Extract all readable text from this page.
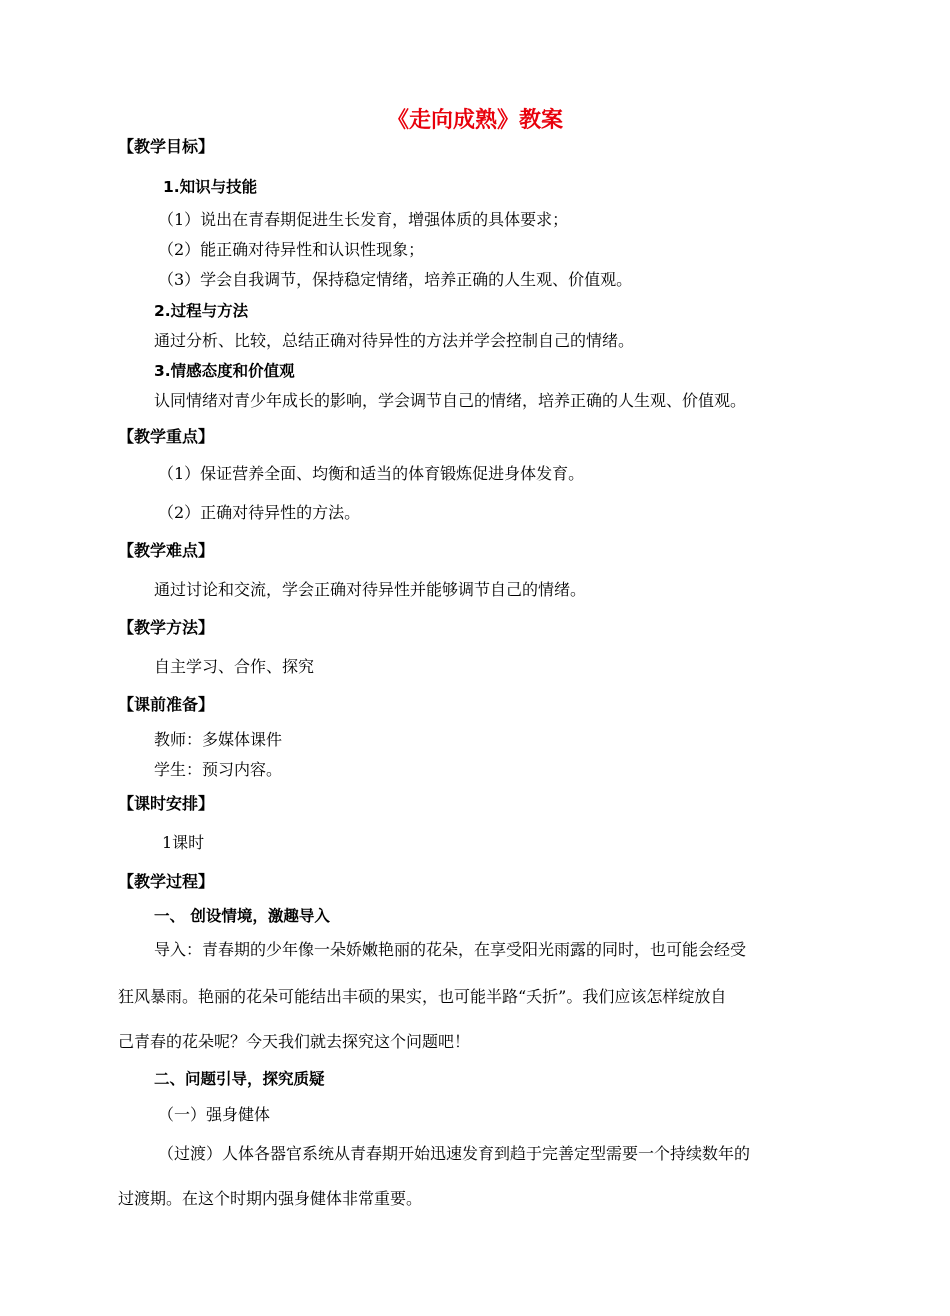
《走向成熟》教案
【教学目标】
1.知识与技能
（1）说出在青春期促进生长发育，增强体质的具体要求；
（2）能正确对待异性和认识性现象；
（3）学会自我调节，保持稳定情绪，培养正确的人生观、价值观。
2.过程与方法
通过分析、比较，总结正确对待异性的方法并学会控制自己的情绪。
3.情感态度和价值观
认同情绪对青少年成长的影响，学会调节自己的情绪，培养正确的人生观、价值观。
【教学重点】
（1）保证营养全面、均衡和适当的体育锻炼促进身体发育。
（2）正确对待异性的方法。
【教学难点】
通过讨论和交流，学会正确对待异性并能够调节自己的情绪。
【教学方法】
自主学习、合作、探究
【课前准备】
教师：多媒体课件
学生：预习内容。
【课时安排】
1课时
【教学过程】
一、 创设情境，激趣导入
导入：青春期的少年像一朵娇嫩艳丽的花朵，在享受阳光雨露的同时，也可能会经受
狂风暴雨。艳丽的花朵可能结出丰硕的果实，也可能半路“夭折”。我们应该怎样绽放自
己青春的花朵呢？今天我们就去探究这个问题吧！
二、问题引导，探究质疑
（一）强身健体
（过渡）人体各器官系统从青春期开始迅速发育到趋于完善定型需要一个持续数年的
过渡期。在这个时期内强身健体非常重要。
